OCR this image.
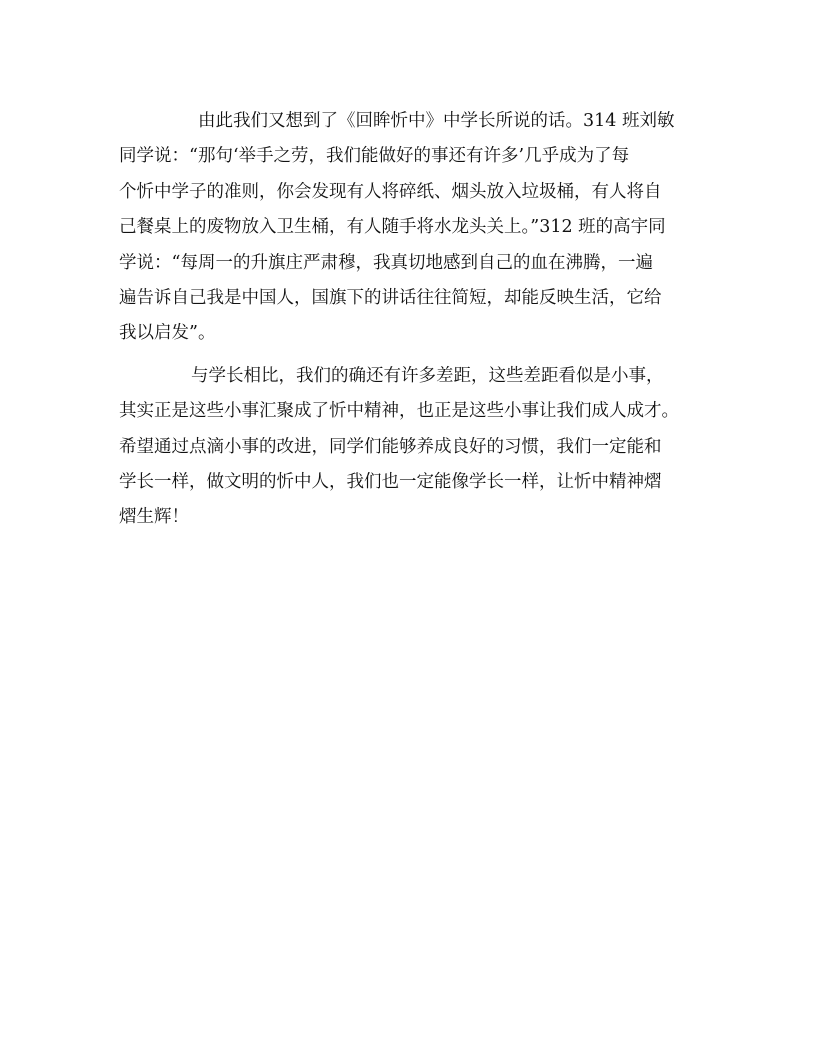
由此我们又想到了《回眸忻中》中学长所说的话。314 班刘敏
同学说：“那句‘举手之劳，我们能做好的事还有许多’几乎成为了每
个忻中学子的准则，你会发现有人将碎纸、烟头放入垃圾桶，有人将自
己餐桌上的废物放入卫生桶，有人随手将水龙头关上。”312 班的高宇同
学说：“每周一的升旗庄严肃穆，我真切地感到自己的血在沸腾，一遍
遍告诉自己我是中国人，国旗下的讲话往往简短，却能反映生活，它给
我以启发”。
与学长相比，我们的确还有许多差距，这些差距看似是小事，
其实正是这些小事汇聚成了忻中精神，也正是这些小事让我们成人成才。
希望通过点滴小事的改进，同学们能够养成良好的习惯，我们一定能和
学长一样，做文明的忻中人，我们也一定能像学长一样，让忻中精神熠
熠生辉！
